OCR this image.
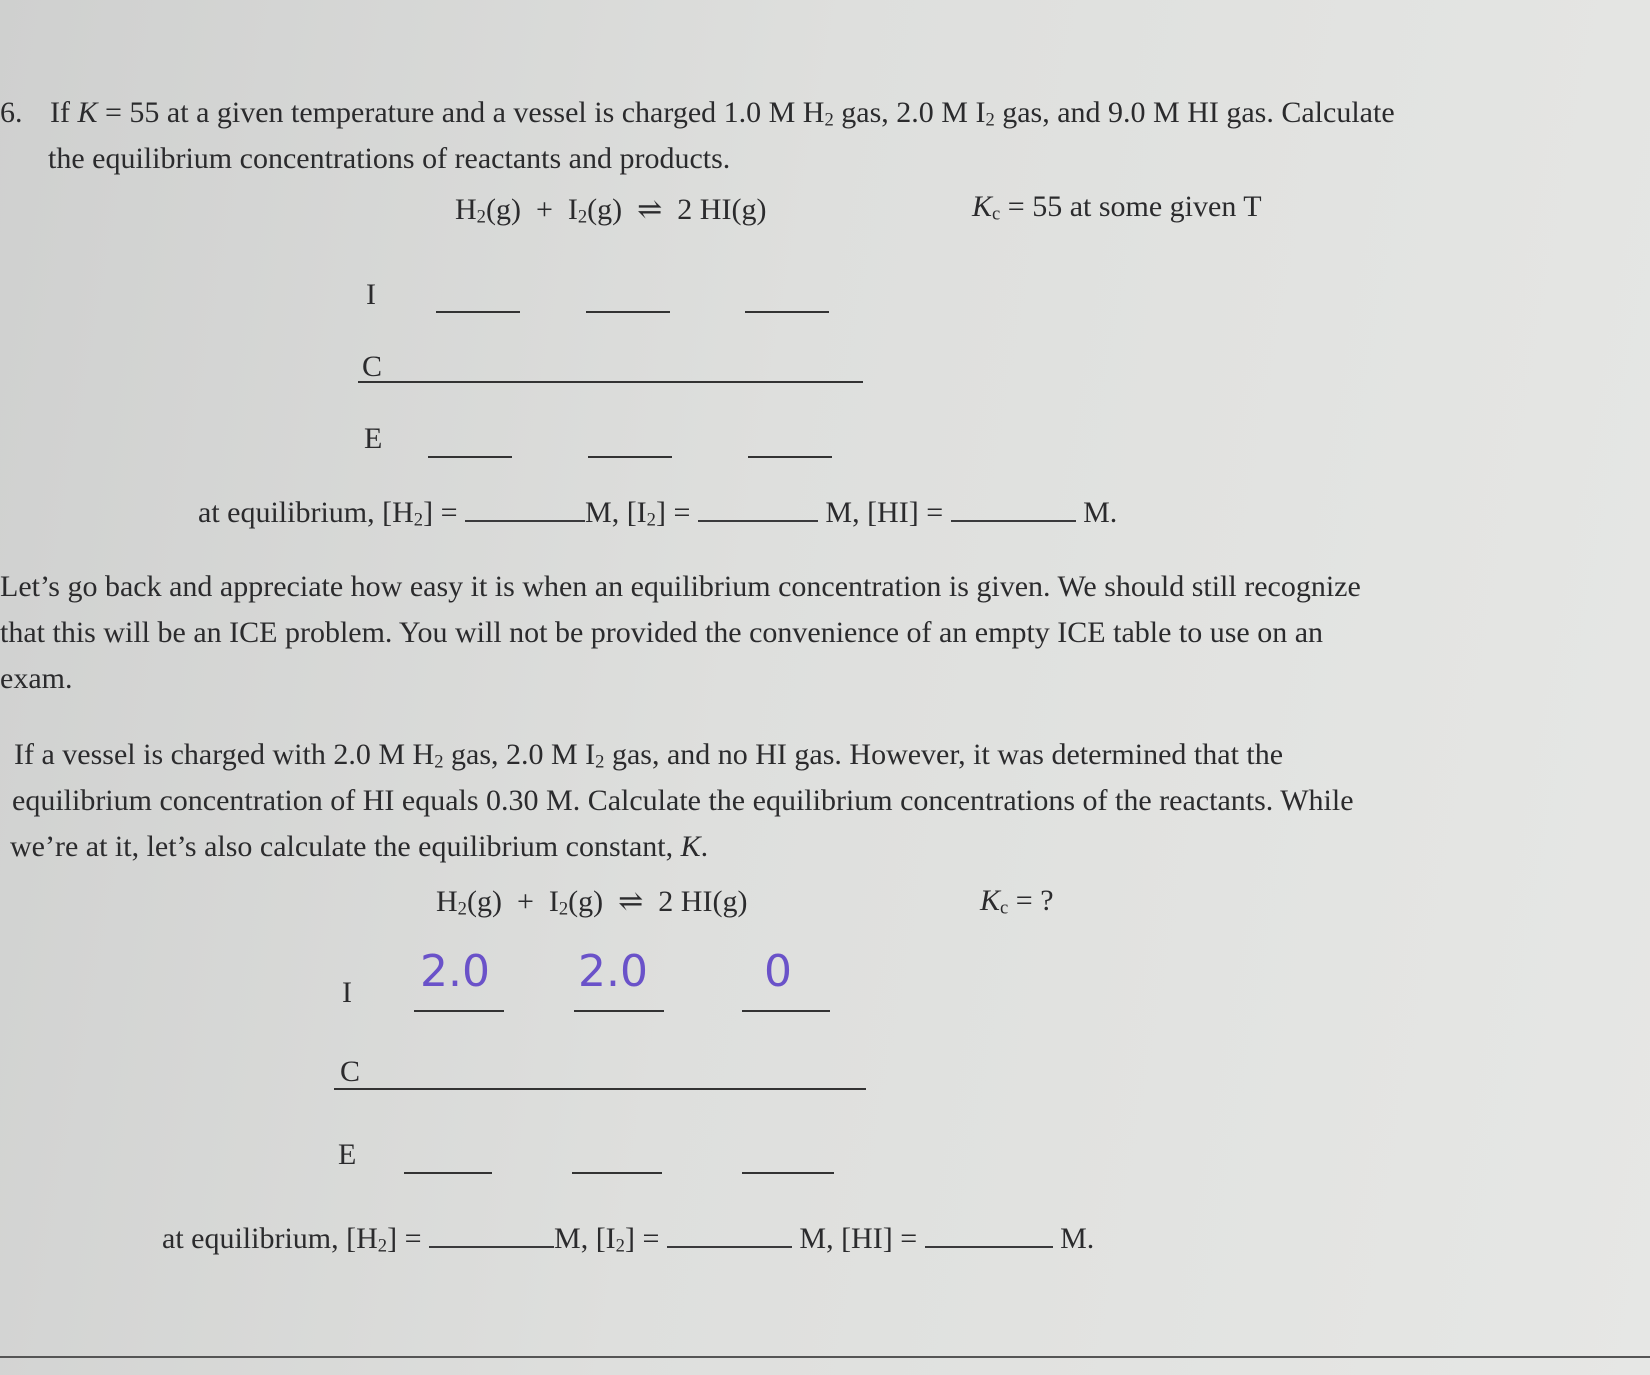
6. If K = 55 at a given temperature and a vessel is charged 1.0 M $H_2$ gas, 2.0 M $I_2$ gas, and 9.0 M HI gas. Calculate
the equilibrium concentrations of reactants and products.
$H_2(g) + I_2(g)$ ⇌ 2 HI(g)	$K_c = 55$ at some given T
I
C
E
at equilibrium, $[H_2]$ =	M, $[I_2]$ =	M, [HI] =	M.
Let’s go back and appreciate how easy it is when an equilibrium concentration is given. We should still recognize
that this will be an ICE problem. You will not be provided the convenience of an empty ICE table to use on an
exam.
If a vessel is charged with 2.0 M $H_2$ gas, 2.0 M $I_2$ gas, and no HI gas. However, it was determined that the
equilibrium concentration of HI equals 0.30 M. Calculate the equilibrium concentrations of the reactants. While
we’re at it, let’s also calculate the equilibrium constant, K.
$H_2(g) + I_2(g)$ ⇌ 2 HI(g)	$K_c$ = ?
I 2.0 2.0	0
C
E
at equilibrium, $[H_2]$ =	M, $[I_2]$ =	M, [HI] =	M.
